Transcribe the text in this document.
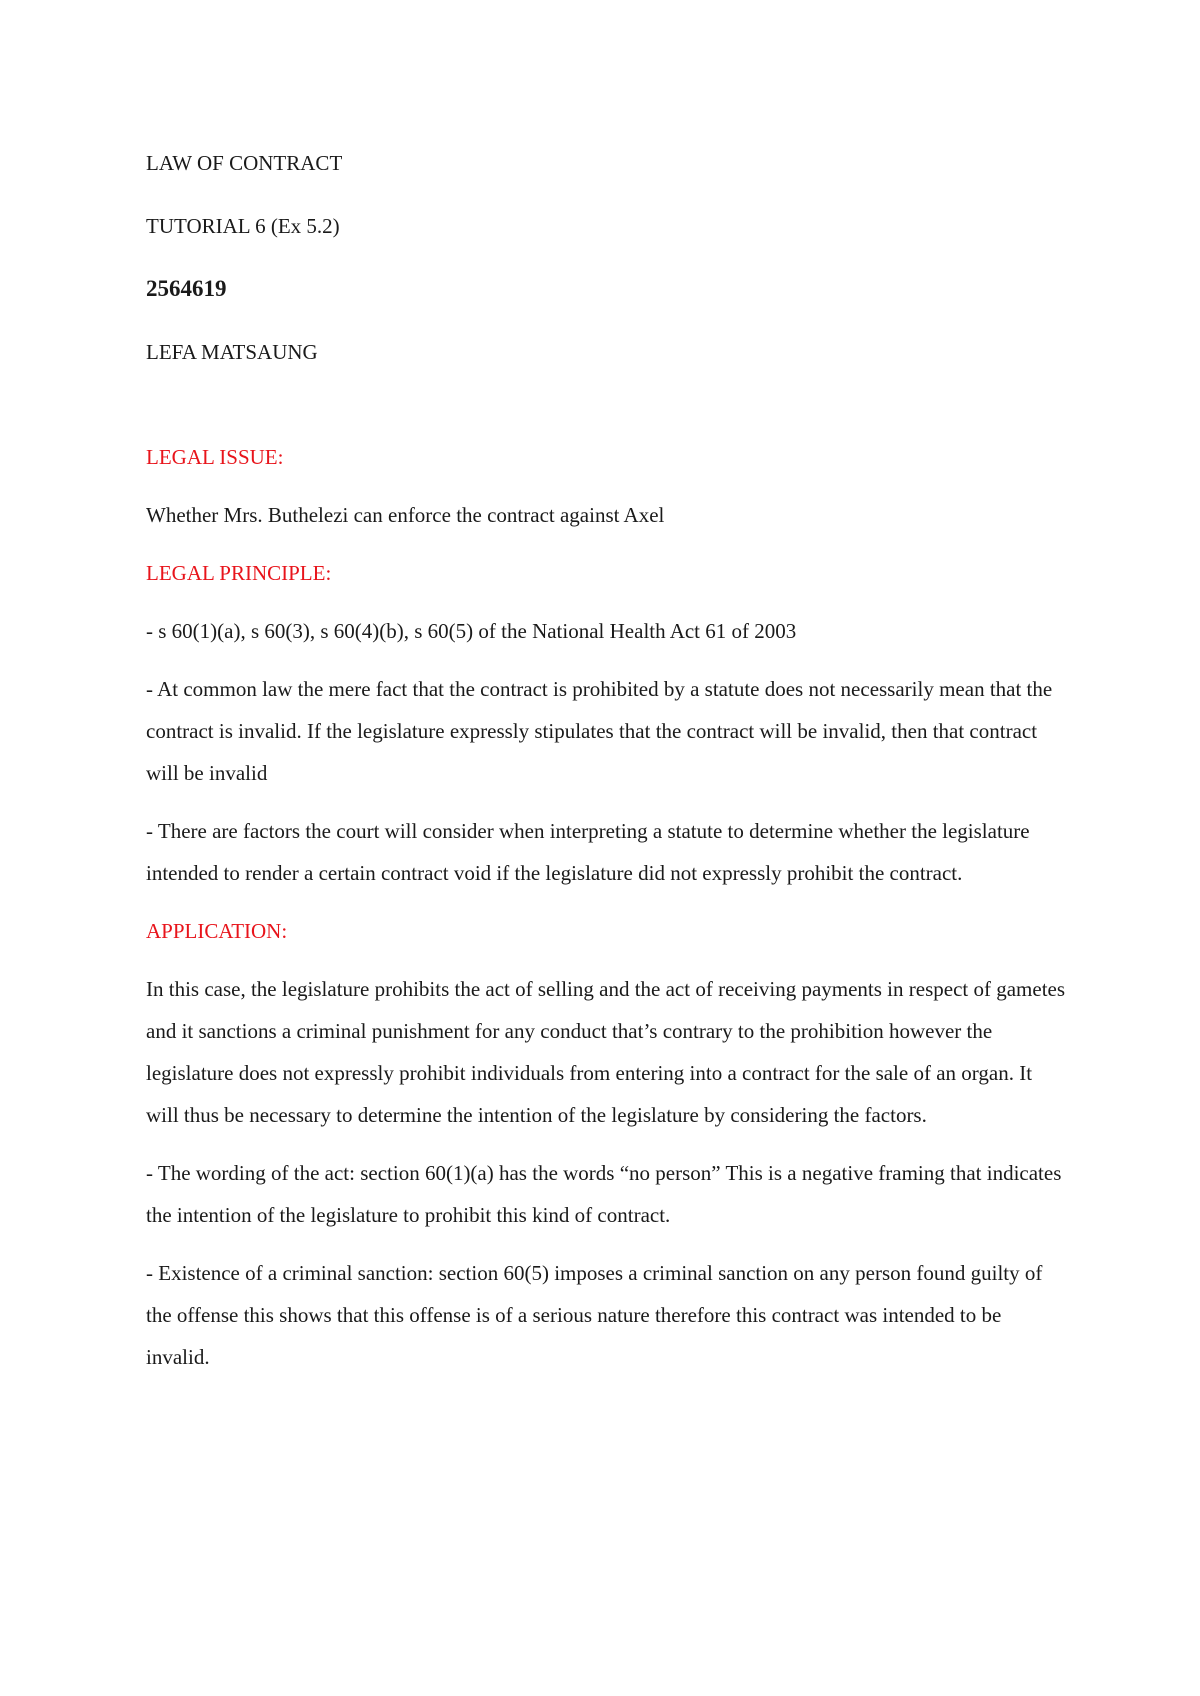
LAW OF CONTRACT

TUTORIAL 6 (Ex 5.2)

2564619

LEFA MATSAUNG

LEGAL ISSUE:

Whether Mrs. Buthelezi can enforce the contract against Axel

LEGAL PRINCIPLE:

- s 60(1)(a), s 60(3), s 60(4)(b), s 60(5) of the National Health Act 61 of 2003

- At common law the mere fact that the contract is prohibited by a statute does not necessarily mean that the contract is invalid. If the legislature expressly stipulates that the contract will be invalid, then that contract will be invalid

- There are factors the court will consider when interpreting a statute to determine whether the legislature intended to render a certain contract void if the legislature did not expressly prohibit the contract.

APPLICATION:

In this case, the legislature prohibits the act of selling and the act of receiving payments in respect of gametes and it sanctions a criminal punishment for any conduct that’s contrary to the prohibition however the legislature does not expressly prohibit individuals from entering into a contract for the sale of an organ. It will thus be necessary to determine the intention of the legislature by considering the factors.

- The wording of the act: section 60(1)(a) has the words “no person” This is a negative framing that indicates the intention of the legislature to prohibit this kind of contract.

- Existence of a criminal sanction: section 60(5) imposes a criminal sanction on any person found guilty of the offense this shows that this offense is of a serious nature therefore this contract was intended to be invalid.
